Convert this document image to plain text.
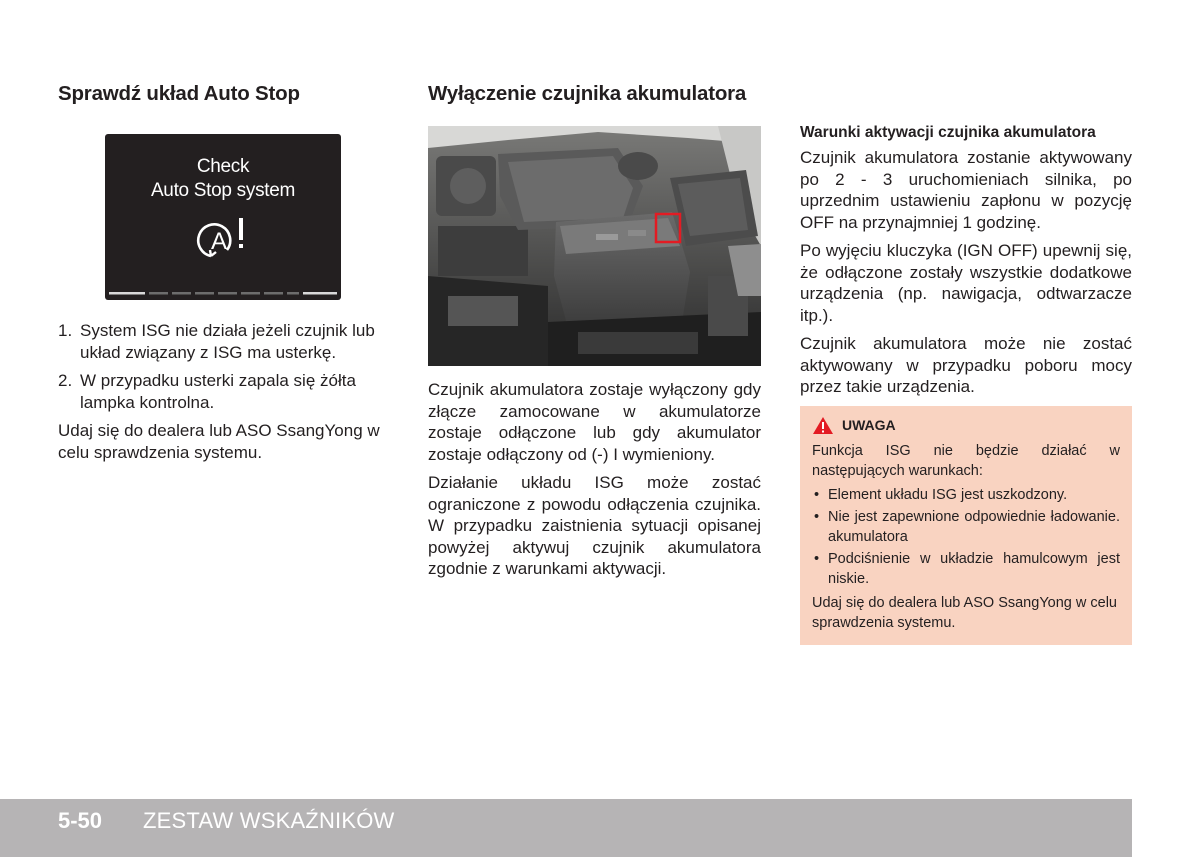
Sprawdź układ Auto Stop
Check
Auto Stop system
A
1. System ISG nie działa jeżeli czujnik lub układ związany z ISG ma usterkę.
2. W przypadku usterki zapala się żółta lampka kontrolna.

Udaj się do dealera lub ASO SsangYong w celu sprawdzenia systemu.

Wyłączenie czujnika akumulatora

Czujnik akumulatora zostaje wyłączony gdy złącze zamocowane w akumulatorze zostaje odłączone lub gdy akumulator zostaje odłączony od (-) I wymieniony.

Działanie układu ISG może zostać ograniczone z powodu odłączenia czujnika. W przypadku zaistnienia sytuacji opisanej powyżej aktywuj czujnik akumulatora zgodnie z warunkami aktywacji.

Warunki aktywacji czujnika akumulatora

Czujnik akumulatora zostanie aktywowany po 2 - 3 uruchomieniach silnika, po uprzednim ustawieniu zapłonu w pozycję OFF na przynajmniej 1 godzinę.

Po wyjęciu kluczyka (IGN OFF) upewnij się, że odłączone zostały wszystkie dodatkowe urządzenia (np. nawigacja, odtwarzacze itp.).

Czujnik akumulatora może nie zostać aktywowany w przypadku poboru mocy przez takie urządzenia.

UWAGA

Funkcja ISG nie będzie działać w następujących warunkach:

• Element układu ISG jest uszkodzony.
• Nie jest zapewnione odpowiednie ładowanie. akumulatora
• Podciśnienie w układzie hamulcowym jest niskie.

Udaj się do dealera lub ASO SsangYong w celu sprawdzenia systemu.

5-50 ZESTAW WSKAŹNIKÓW
